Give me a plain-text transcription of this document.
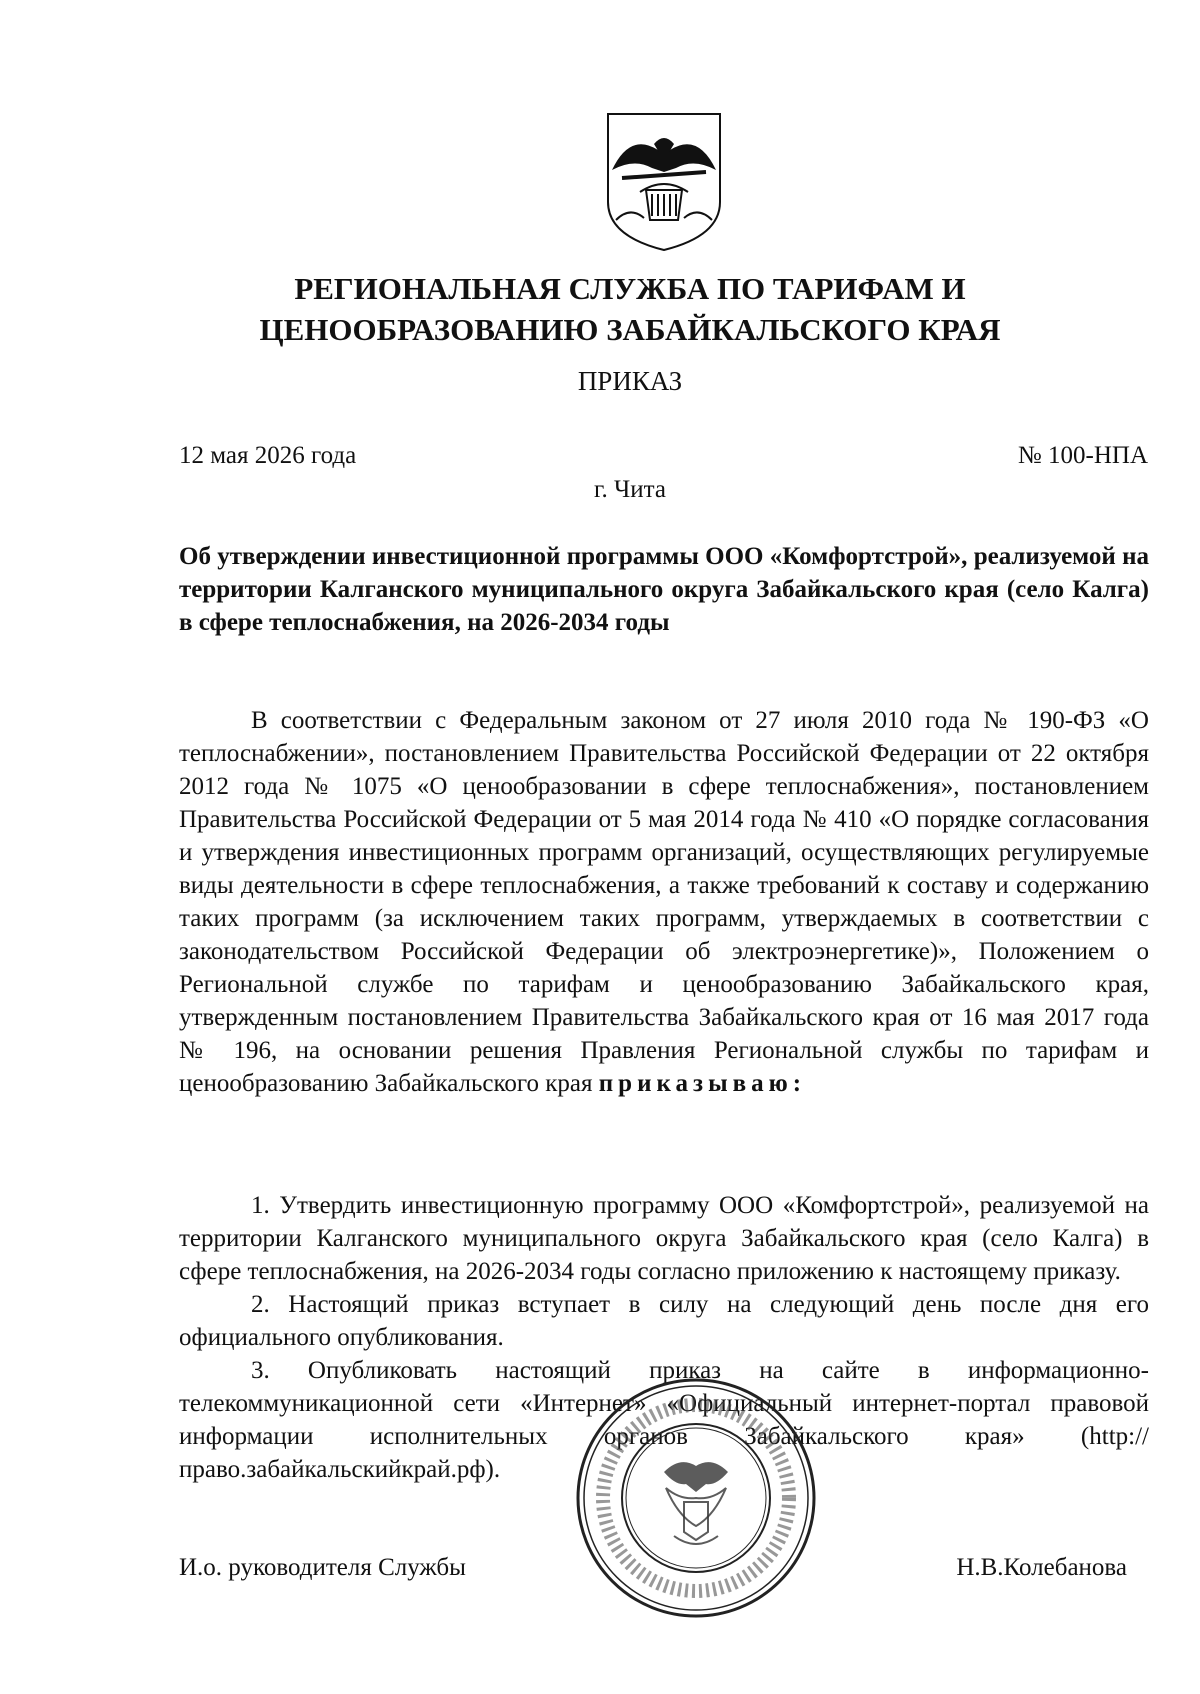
РЕГИОНАЛЬНАЯ СЛУЖБА ПО ТАРИФАМ И
ЦЕНООБРАЗОВАНИЮ ЗАБАЙКАЛЬСКОГО КРАЯ
ПРИКАЗ
12 мая 2026 года	№ 100-НПА
г. Чита
Об утверждении инвестиционной программы ООО «Комфортстрой», реализуемой на территории Калганского муниципального округа Забайкальского края (село Калга) в сфере теплоснабжения, на 2026-2034 годы
В соответствии с Федеральным законом от 27 июля 2010 года № 190-ФЗ «О теплоснабжении», постановлением Правительства Российской Федерации от 22 октября 2012 года № 1075 «О ценообразовании в сфере теплоснабжения», постановлением Правительства Российской Федерации от 5 мая 2014 года № 410 «О порядке согласования и утверждения инвестиционных программ организаций, осуществляющих регулируемые виды деятельности в сфере теплоснабжения, а также требований к составу и содержанию таких программ (за исключением таких программ, утверждаемых в соответствии с законодательством Российской Федерации об электроэнергетике)», Положением о Региональной службе по тарифам и ценообразованию Забайкальского края, утвержденным постановлением Правительства Забайкальского края от 16 мая 2017 года № 196, на основании решения Правления Региональной службы по тарифам и ценообразованию Забайкальского края приказываю:

1. Утвердить инвестиционную программу ООО «Комфортстрой», реализуемой на территории Калганского муниципального округа Забайкальского края (село Калга) в сфере теплоснабжения, на 2026-2034 годы согласно приложению к настоящему приказу.

2. Настоящий приказ вступает в силу на следующий день после дня его официального опубликования.

3. Опубликовать настоящий приказ на сайте в информационно-телекоммуникационной сети «Интернет» «Официальный интернет-портал правовой информации исполнительных органов Забайкальского края» (http://право.забайкальскийкрай.рф).

И.о. руководителя Службы	Н.В.Колебанова
